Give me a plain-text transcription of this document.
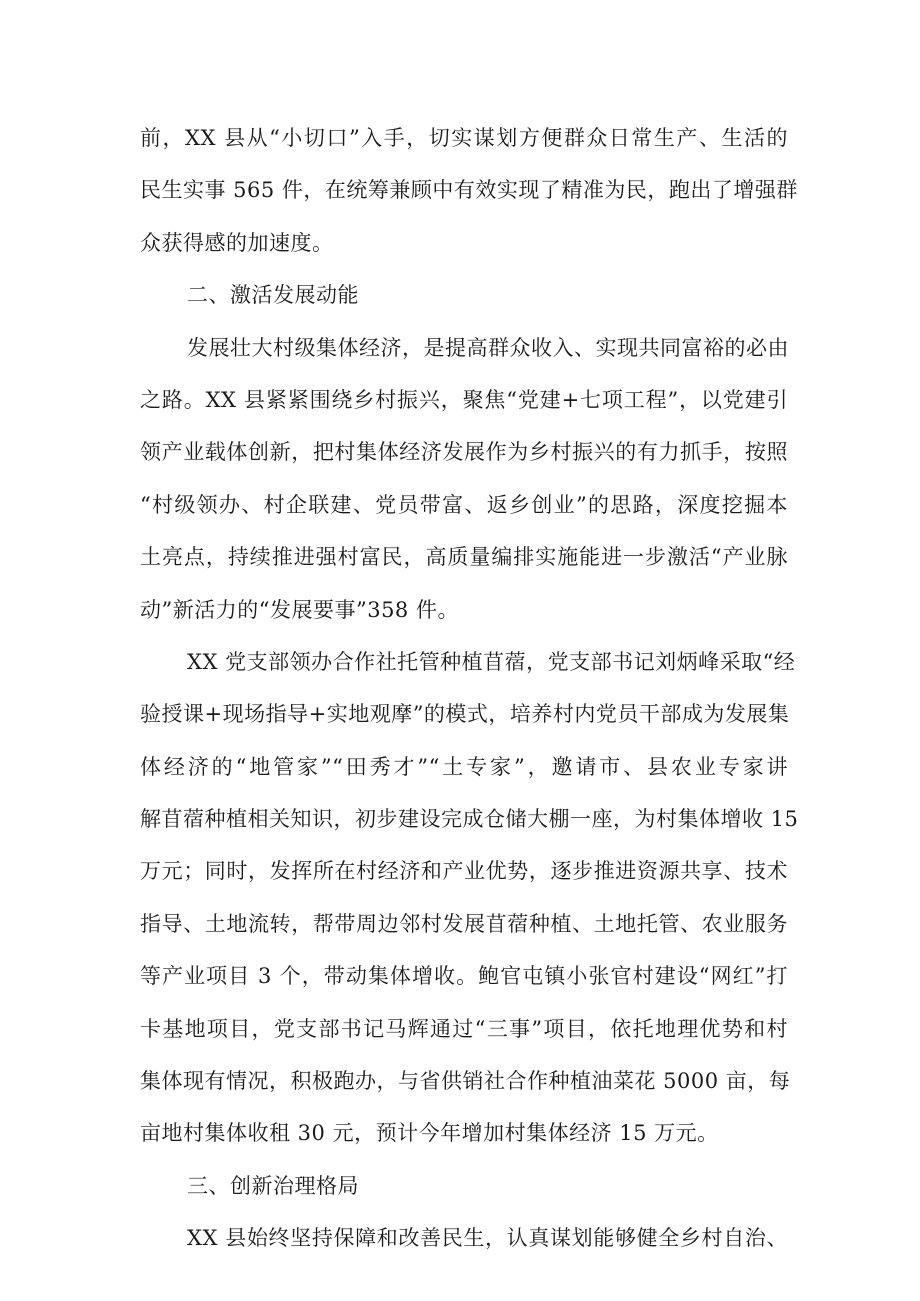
前，XX 县从“小切口”入手，切实谋划方便群众日常生产、生活的
民生实事 565 件，在统筹兼顾中有效实现了精准为民，跑出了增强群
众获得感的加速度。
二、激活发展动能
发展壮大村级集体经济，是提高群众收入、实现共同富裕的必由
之路。XX 县紧紧围绕乡村振兴，聚焦“党建+七项工程”，以党建引
领产业载体创新，把村集体经济发展作为乡村振兴的有力抓手，按照
“村级领办、村企联建、党员带富、返乡创业”的思路，深度挖掘本
土亮点，持续推进强村富民，高质量编排实施能进一步激活“产业脉
动”新活力的“发展要事”358 件。
XX 党支部领办合作社托管种植苜蓿，党支部书记刘炳峰采取“经
验授课+现场指导+实地观摩”的模式，培养村内党员干部成为发展集
体经济的“地管家”“田秀才”“土专家”，邀请市、县农业专家讲
解苜蓿种植相关知识，初步建设完成仓储大棚一座，为村集体增收 15
万元；同时，发挥所在村经济和产业优势，逐步推进资源共享、技术
指导、土地流转，帮带周边邻村发展苜蓿种植、土地托管、农业服务
等产业项目 3 个，带动集体增收。鲍官屯镇小张官村建设“网红”打
卡基地项目，党支部书记马辉通过“三事”项目，依托地理优势和村
集体现有情况，积极跑办，与省供销社合作种植油菜花 5000 亩，每
亩地村集体收租 30 元，预计今年增加村集体经济 15 万元。
三、创新治理格局
XX 县始终坚持保障和改善民生，认真谋划能够健全乡村自治、
